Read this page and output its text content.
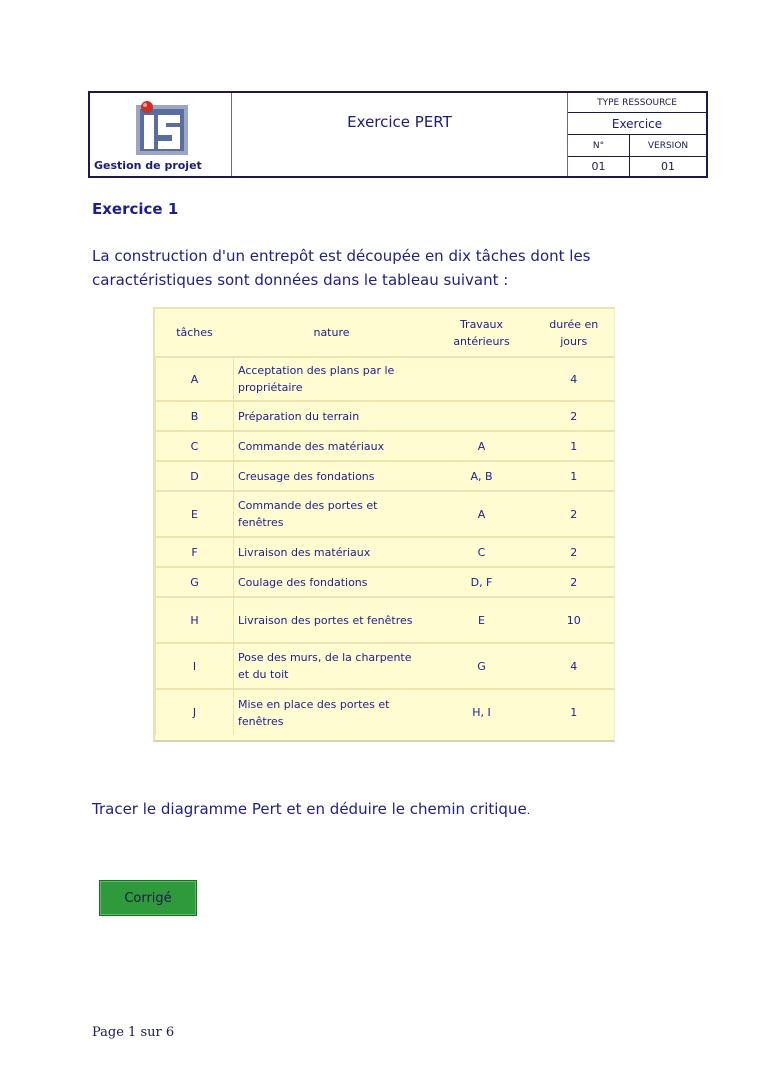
ISF
Gestion de projet
Exercice PERT
TYPE RESSOURCE
Exercice
N°	VERSION
01	01
Exercice 1
La construction d'un entrepôt est découpée en dix tâches dont les caractéristiques sont données dans le tableau suivant :
tâches	nature	Travaux antérieurs	durée en jours
A	Acceptation des plans par le propriétaire		4
B	Préparation du terrain		2
C	Commande des matériaux	A	1
D	Creusage des fondations	A, B	1
E	Commande des portes et fenêtres	A	2
F	Livraison des matériaux	C	2
G	Coulage des fondations	D, F	2
H	Livraison des portes et fenêtres	E	10
I	Pose des murs, de la charpente et du toit	G	4
J	Mise en place des portes et fenêtres	H, I	1
Tracer le diagramme Pert et en déduire le chemin critique.
Corrigé
Page 1 sur 6
